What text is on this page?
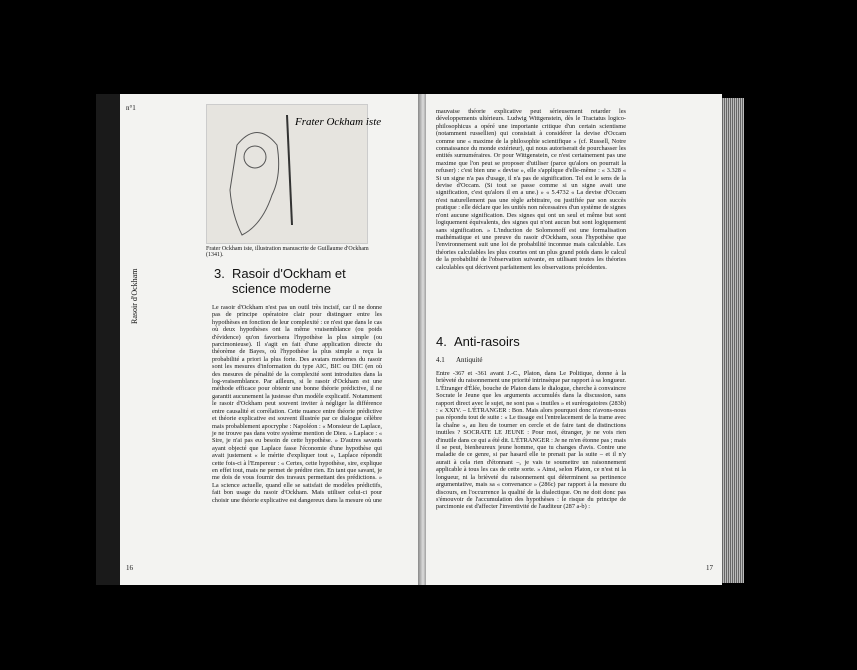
Rasoir d'Ockham
n°1
Frater Ockham iste
Frater Ockham iste, illustration manuscrite de Guillaume d'Ockham (1341).
3. Rasoir d'Ockham et science moderne
Le rasoir d'Ockham n'est pas un outil très incisif, car il ne donne pas de principe opératoire clair pour distinguer entre les hypothèses en fonction de leur complexité : ce n'est que dans le cas où deux hypothèses ont la même vraisemblance (ou poids d'évidence) qu'on favorisera l'hypothèse la plus simple (ou parcimonieuse). Il s'agit en fait d'une application directe du théorème de Bayes, où l'hypothèse la plus simple a reçu la probabilité a priori la plus forte. Des avatars modernes du rasoir sont les mesures d'information du type AIC, BIC ou DIC (en où des mesures de pénalité de la complexité sont introduites dans la log-vraisemblance. Par ailleurs, si le rasoir d'Ockham est une méthode efficace pour obtenir une bonne théorie prédictive, il ne garantit aucunement la justesse d'un modèle explicatif. Notamment le rasoir d'Ockham peut souvent inviter à négliger la différence entre causalité et corrélation. Cette nuance entre théorie prédictive et théorie explicative est souvent illustrée par ce dialogue célèbre mais probablement apocryphe : Napoléon : « Monsieur de Laplace, je ne trouve pas dans votre système mention de Dieu. » Laplace : « Sire, je n'ai pas eu besoin de cette hypothèse. » D'autres savants ayant objecté que Laplace fasse l'économie d'une hypothèse qui avait justement « le mérite d'expliquer tout », Laplace répondit cette fois-ci à l'Empereur : « Certes, cette hypothèse, sire, explique en effet tout, mais ne permet de prédire rien. En tant que savant, je me dois de vous fournir des travaux permettant des prédictions. » La science actuelle, quand elle se satisfait de modèles prédictifs, fait bon usage du rasoir d'Ockham. Mais utiliser celui-ci pour choisir une théorie explicative est dangereux dans la mesure où une
16
mauvaise théorie explicative peut sérieusement retarder les développements ultérieurs. Ludwig Wittgenstein, dès le Tractatus logico-philosophicus a opéré une importante critique d'un certain scientisme (notamment russellien) qui consistait à considérer la devise d'Occam comme une « maxime de la philosophie scientifique » (cf. Russell, Notre connaissance du monde extérieur), qui nous autoriserait de pourchasser les entités surnuméraires. Or pour Wittgenstein, ce n'est certainement pas une maxime que l'on peut se proposer d'utiliser (parce qu'alors on pourrait la refuser) : c'est bien une « devise », elle s'applique d'elle-même : « 3.328 « Si un signe n'a pas d'usage, il n'a pas de signification. Tel est le sens de la devise d'Occam. (Si tout se passe comme si un signe avait une signification, c'est qu'alors il en a une.) » « 5.4732 « La devise d'Occam n'est naturellement pas une règle arbitraire, ou justifiée par son succès pratique : elle déclare que les unités non nécessaires d'un système de signes n'ont aucune signification. Des signes qui ont un seul et même but sont logiquement équivalents, des signes qui n'ont aucun but sont logiquement sans signification. » L'induction de Solomonoff est une formalisation mathématique et une preuve du rasoir d'Ockham, sous l'hypothèse que l'environnement suit une loi de probabilité inconnue mais calculable. Les théories calculables les plus courtes ont un plus grand poids dans le calcul de la probabilité de l'observation suivante, en utilisant toutes les théories calculables qui décrivent parfaitement les observations précédentes.
4. Anti-rasoirs
4.1 Antiquité
Entre -367 et -361 avant J.-C., Platon, dans Le Politique, donne à la brièveté du raisonnement une priorité intrinsèque par rapport à sa longueur. L'Étranger d'Élée, bouche de Platon dans le dialogue, cherche à convaincre Socrate le Jeune que les arguments accumulés dans la discussion, sans rapport direct avec le sujet, ne sont pas « inutiles » et surérogatoires (283b) : « XXIV. – L'ÉTRANGER : Bon. Mais alors pourquoi donc n'avons-nous pas répondu tout de suite : « Le tissage est l'entrelacement de la trame avec la chaîne », au lieu de tourner en cercle et de faire tant de distinctions inutiles ? SOCRATE LE JEUNE : Pour moi, étranger, je ne vois rien d'inutile dans ce qui a été dit. L'ÉTRANGER : Je ne m'en étonne pas ; mais il se peut, bienheureux jeune homme, que tu changes d'avis. Contre une maladie de ce genre, si par hasard elle te prenait par la suite – et il n'y aurait à cela rien d'étonnant –, je vais te soumettre un raisonnement applicable à tous les cas de cette sorte. » Ainsi, selon Platon, ce n'est ni la longueur, ni la brièveté du raisonnement qui déterminent sa pertinence argumentative, mais sa « convenance » (286c) par rapport à la mesure du discours, en l'occurrence la qualité de la dialectique. On ne doit donc pas s'émouvoir de l'accumulation des hypothèses : le risque du principe de parcimonie est d'affecter l'inventivité de l'auditeur (287 a-b) :
17
